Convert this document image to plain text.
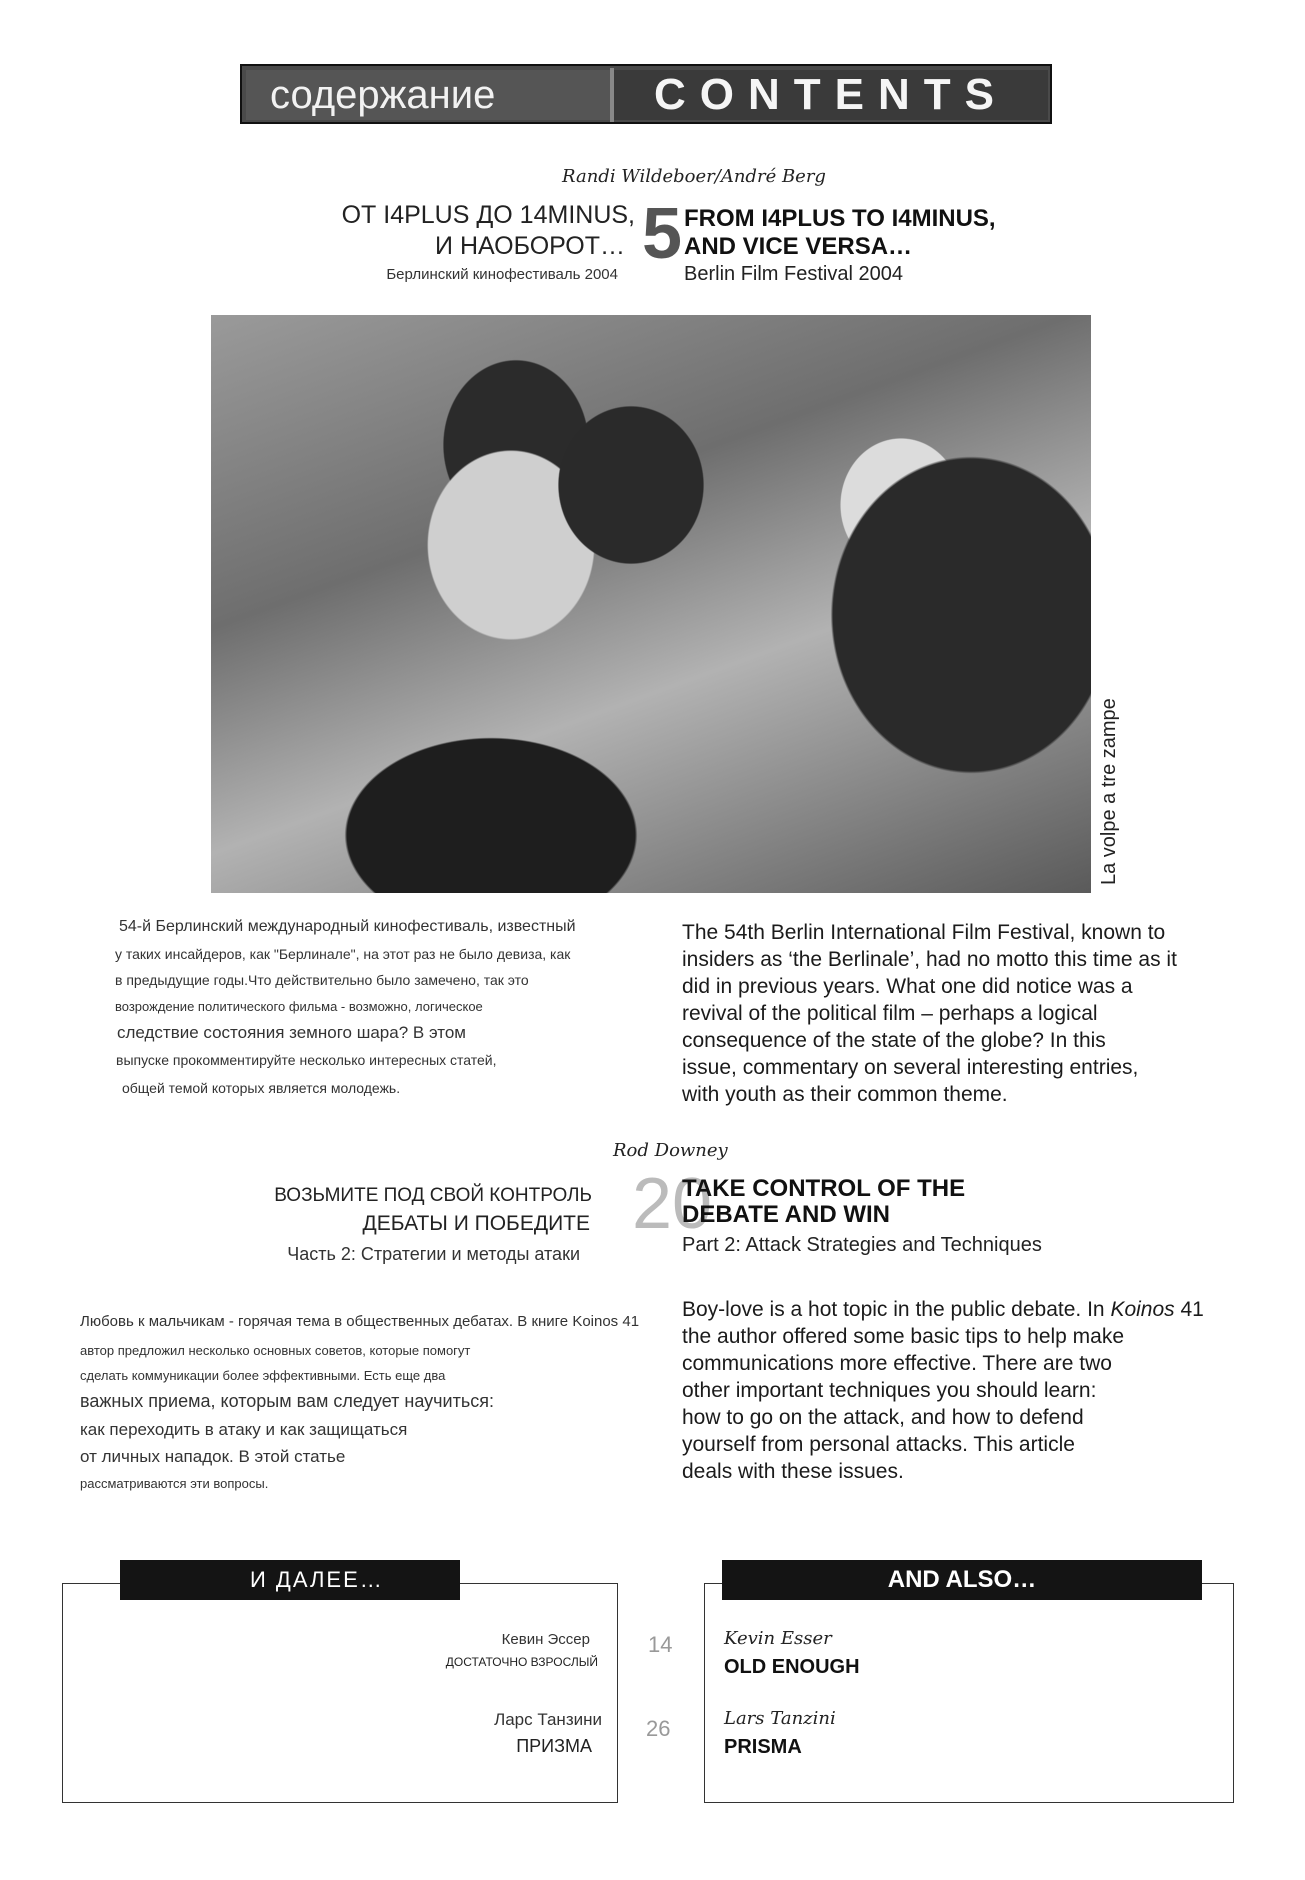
содержание	CONTENTS
Randi Wildeboer/André Berg
ОТ I4PLUS ДО 14MINUS,
И НАОБОРОТ…
Берлинский кинофестиваль 2004
5 FROM I4PLUS TO I4MINUS,
AND VICE VERSA…
Berlin Film Festival 2004
La volpe a tre zampe
54-й Берлинский международный кинофестиваль, известный
у таких инсайдеров, как "Берлинале", на этот раз не было девиза, как
в предыдущие годы.Что действительно было замечено, так это
возрождение политического фильма - возможно, логическое
следствие состояния земного шара? В этом
выпуске прокомментируйте несколько интересных статей,
общей темой которых является молодежь.
The 54th Berlin International Film Festival, known to
insiders as ‘the Berlinale’, had no motto this time as it
did in previous years. What one did notice was a
revival of the political film – perhaps a logical
consequence of the state of the globe? In this
issue, commentary on several interesting entries,
with youth as their common theme.
Rod Downey
ВОЗЬМИТЕ ПОД СВОЙ КОНТРОЛЬ
ДЕБАТЫ И ПОБЕДИТЕ
Часть 2: Стратегии и методы атаки
20
TAKE CONTROL OF THE
DEBATE AND WIN
Part 2: Attack Strategies and Techniques
Любовь к мальчикам - горячая тема в общественных дебатах. В книге Koinos 41
автор предложил несколько основных советов, которые помогут
сделать коммуникации более эффективными. Есть еще два
важных приема, которым вам следует научиться:
как переходить в атаку и как защищаться
от личных нападок. В этой статье
рассматриваются эти вопросы.
Boy-love is a hot topic in the public debate. In Koinos 41
the author offered some basic tips to help make
communications more effective. There are two
other important techniques you should learn:
how to go on the attack, and how to defend
yourself from personal attacks. This article
deals with these issues.
И ДАЛЕЕ…	AND ALSO…
Кевин Эссер
ДОСТАТОЧНО ВЗРОСЛЫЙ
14	Kevin Esser
OLD ENOUGH
Ларс Танзини
ПРИЗМА
26	Lars Tanzini
PRISMA
